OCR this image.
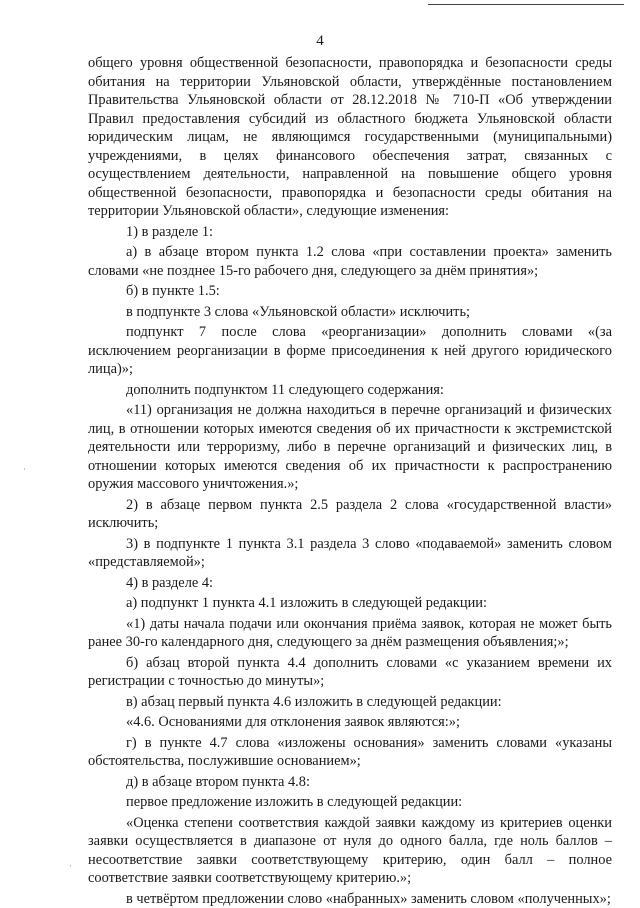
4

общего уровня общественной безопасности, правопорядка и безопасности среды обитания на территории Ульяновской области, утверждённые постановлением Правительства Ульяновской области от 28.12.2018 № 710-П «Об утверждении Правил предоставления субсидий из областного бюджета Ульяновской области юридическим лицам, не являющимся государственными (муниципальными) учреждениями, в целях финансового обеспечения затрат, связанных с осуществлением деятельности, направленной на повышение общего уровня общественной безопасности, правопорядка и безопасности среды обитания на территории Ульяновской области», следующие изменения:

1) в разделе 1:

а) в абзаце втором пункта 1.2 слова «при составлении проекта» заменить словами «не позднее 15-го рабочего дня, следующего за днём принятия»;

б) в пункте 1.5:

в подпункте 3 слова «Ульяновской области» исключить;

подпункт 7 после слова «реорганизации» дополнить словами «(за исключением реорганизации в форме присоединения к ней другого юридического лица)»;

дополнить подпунктом 11 следующего содержания:

«11) организация не должна находиться в перечне организаций и физических лиц, в отношении которых имеются сведения об их причастности к экстремистской деятельности или терроризму, либо в перечне организаций и физических лиц, в отношении которых имеются сведения об их причастности к распространению оружия массового уничтожения.»;

2) в абзаце первом пункта 2.5 раздела 2 слова «государственной власти» исключить;

3) в подпункте 1 пункта 3.1 раздела 3 слово «подаваемой» заменить словом «представляемой»;

4) в разделе 4:

а) подпункт 1 пункта 4.1 изложить в следующей редакции:

«1) даты начала подачи или окончания приёма заявок, которая не может быть ранее 30-го календарного дня, следующего за днём размещения объявления;»;

б) абзац второй пункта 4.4 дополнить словами «с указанием времени их регистрации с точностью до минуты»;

в) абзац первый пункта 4.6 изложить в следующей редакции:

«4.6. Основаниями для отклонения заявок являются:»;

г) в пункте 4.7 слова «изложены основания» заменить словами «указаны обстоятельства, послужившие основанием»;

д) в абзаце втором пункта 4.8:

первое предложение изложить в следующей редакции:

«Оценка степени соответствия каждой заявки каждому из критериев оценки заявки осуществляется в диапазоне от нуля до одного балла, где ноль баллов – несоответствие заявки соответствующему критерию, один балл – полное соответствие заявки соответствующему критерию.»;

в четвёртом предложении слово «набранных» заменить словом «полученных»;

·
·
